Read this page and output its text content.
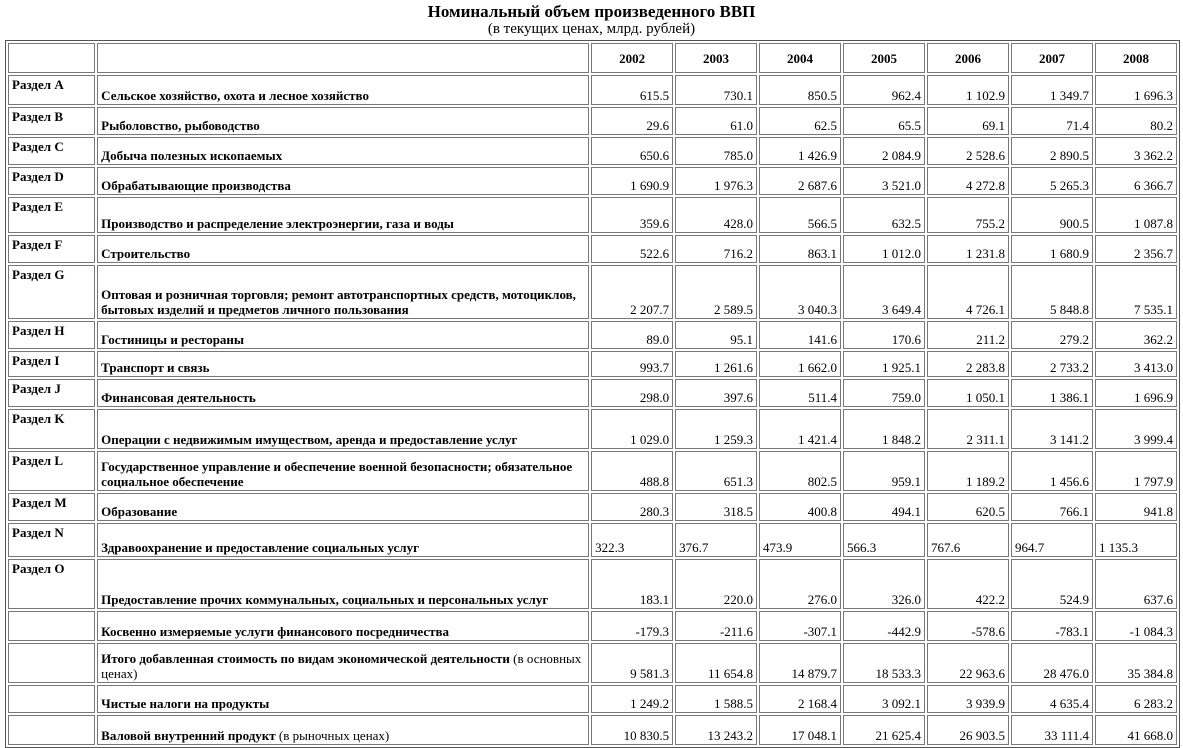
Номинальный объем произведенного ВВП
(в текущих ценах, млрд. рублей)
		2002	2003	2004	2005	2006	2007	2008
Раздел A	Сельское хозяйство, охота и лесное хозяйство	615.5	730.1	850.5	962.4	1 102.9	1 349.7	1 696.3
Раздел B	Рыболовство, рыбоводство	29.6	61.0	62.5	65.5	69.1	71.4	80.2
Раздел C	Добыча полезных ископаемых	650.6	785.0	1 426.9	2 084.9	2 528.6	2 890.5	3 362.2
Раздел D	Обрабатывающие производства	1 690.9	1 976.3	2 687.6	3 521.0	4 272.8	5 265.3	6 366.7
Раздел E	Производство и распределение электроэнергии, газа и воды	359.6	428.0	566.5	632.5	755.2	900.5	1 087.8
Раздел F	Строительство	522.6	716.2	863.1	1 012.0	1 231.8	1 680.9	2 356.7
Раздел G	Оптовая и розничная торговля; ремонт автотранспортных средств, мотоциклов, бытовых изделий и предметов личного пользования	2 207.7	2 589.5	3 040.3	3 649.4	4 726.1	5 848.8	7 535.1
Раздел H	Гостиницы и рестораны	89.0	95.1	141.6	170.6	211.2	279.2	362.2
Раздел I	Транспорт и связь	993.7	1 261.6	1 662.0	1 925.1	2 283.8	2 733.2	3 413.0
Раздел J	Финансовая деятельность	298.0	397.6	511.4	759.0	1 050.1	1 386.1	1 696.9
Раздел K	Операции с недвижимым имуществом, аренда и предоставление услуг	1 029.0	1 259.3	1 421.4	1 848.2	2 311.1	3 141.2	3 999.4
Раздел L	Государственное управление и обеспечение военной безопасности; обязательное социальное обеспечение	488.8	651.3	802.5	959.1	1 189.2	1 456.6	1 797.9
Раздел M	Образование	280.3	318.5	400.8	494.1	620.5	766.1	941.8
Раздел N	Здравоохранение и предоставление социальных услуг	322.3	376.7	473.9	566.3	767.6	964.7	1 135.3
Раздел O	Предоставление прочих коммунальных, социальных и персональных услуг	183.1	220.0	276.0	326.0	422.2	524.9	637.6
	Косвенно измеряемые услуги финансового посредничества	-179.3	-211.6	-307.1	-442.9	-578.6	-783.1	-1 084.3
	Итого добавленная стоимость по видам экономической деятельности (в основных ценах)	9 581.3	11 654.8	14 879.7	18 533.3	22 963.6	28 476.0	35 384.8
	Чистые налоги на продукты	1 249.2	1 588.5	2 168.4	3 092.1	3 939.9	4 635.4	6 283.2
	Валовой внутренний продукт (в рыночных ценах)	10 830.5	13 243.2	17 048.1	21 625.4	26 903.5	33 111.4	41 668.0
